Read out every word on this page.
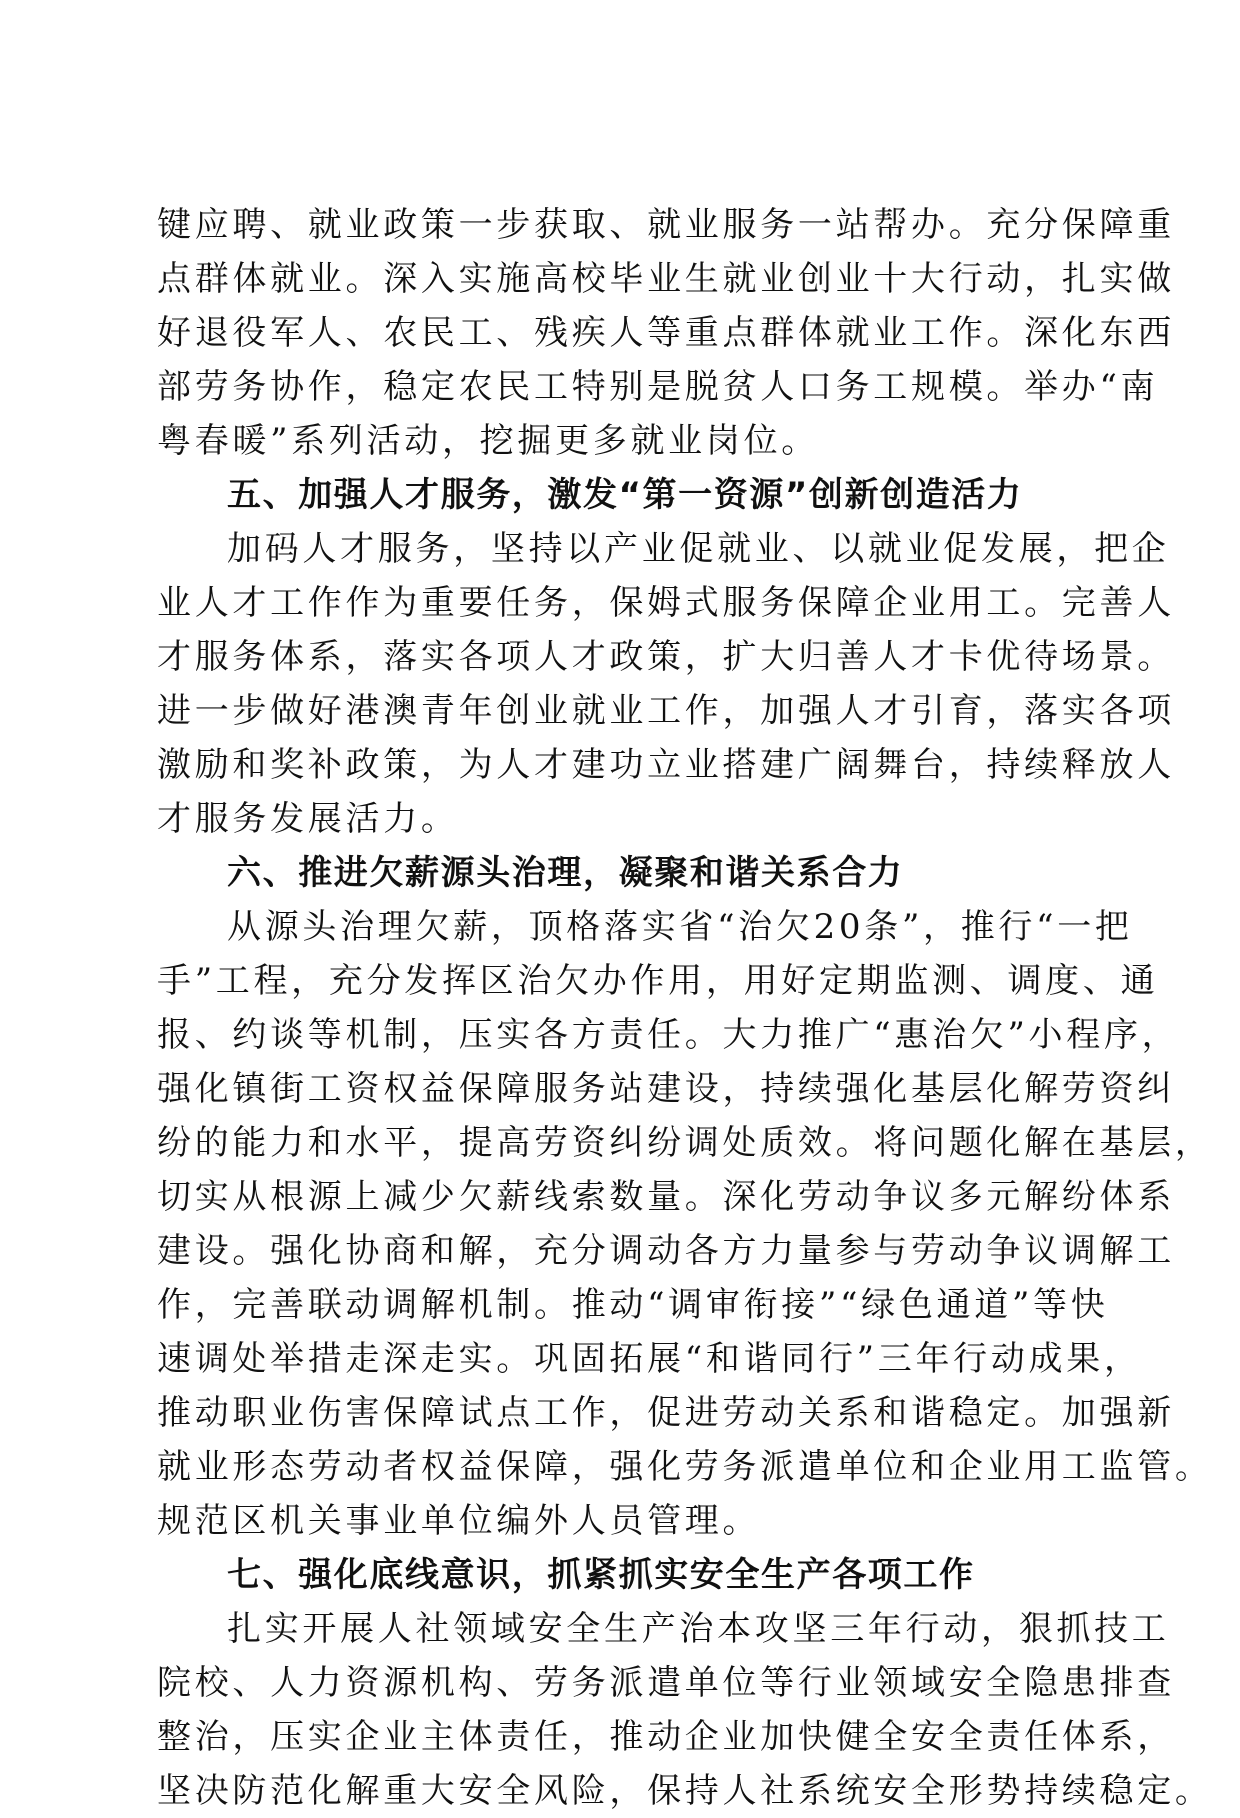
键应聘、就业政策一步获取、就业服务一站帮办。充分保障重
点群体就业。深入实施高校毕业生就业创业十大行动，扎实做
好退役军人、农民工、残疾人等重点群体就业工作。深化东西
部劳务协作，稳定农民工特别是脱贫人口务工规模。举办“南
粤春暖”系列活动，挖掘更多就业岗位。
五、加强人才服务，激发“第一资源”创新创造活力
加码人才服务，坚持以产业促就业、以就业促发展，把企
业人才工作作为重要任务，保姆式服务保障企业用工。完善人
才服务体系，落实各项人才政策，扩大归善人才卡优待场景。
进一步做好港澳青年创业就业工作，加强人才引育，落实各项
激励和奖补政策，为人才建功立业搭建广阔舞台，持续释放人
才服务发展活力。
六、推进欠薪源头治理，凝聚和谐关系合力
从源头治理欠薪，顶格落实省“治欠20条”，推行“一把
手”工程，充分发挥区治欠办作用，用好定期监测、调度、通
报、约谈等机制，压实各方责任。大力推广“惠治欠”小程序，
强化镇街工资权益保障服务站建设，持续强化基层化解劳资纠
纷的能力和水平，提高劳资纠纷调处质效。将问题化解在基层，
切实从根源上减少欠薪线索数量。深化劳动争议多元解纷体系
建设。强化协商和解，充分调动各方力量参与劳动争议调解工
作，完善联动调解机制。推动“调审衔接”“绿色通道”等快
速调处举措走深走实。巩固拓展“和谐同行”三年行动成果，
推动职业伤害保障试点工作，促进劳动关系和谐稳定。加强新
就业形态劳动者权益保障，强化劳务派遣单位和企业用工监管。
规范区机关事业单位编外人员管理。
七、强化底线意识，抓紧抓实安全生产各项工作
扎实开展人社领域安全生产治本攻坚三年行动，狠抓技工
院校、人力资源机构、劳务派遣单位等行业领域安全隐患排查
整治，压实企业主体责任，推动企业加快健全安全责任体系，
坚决防范化解重大安全风险，保持人社系统安全形势持续稳定。
